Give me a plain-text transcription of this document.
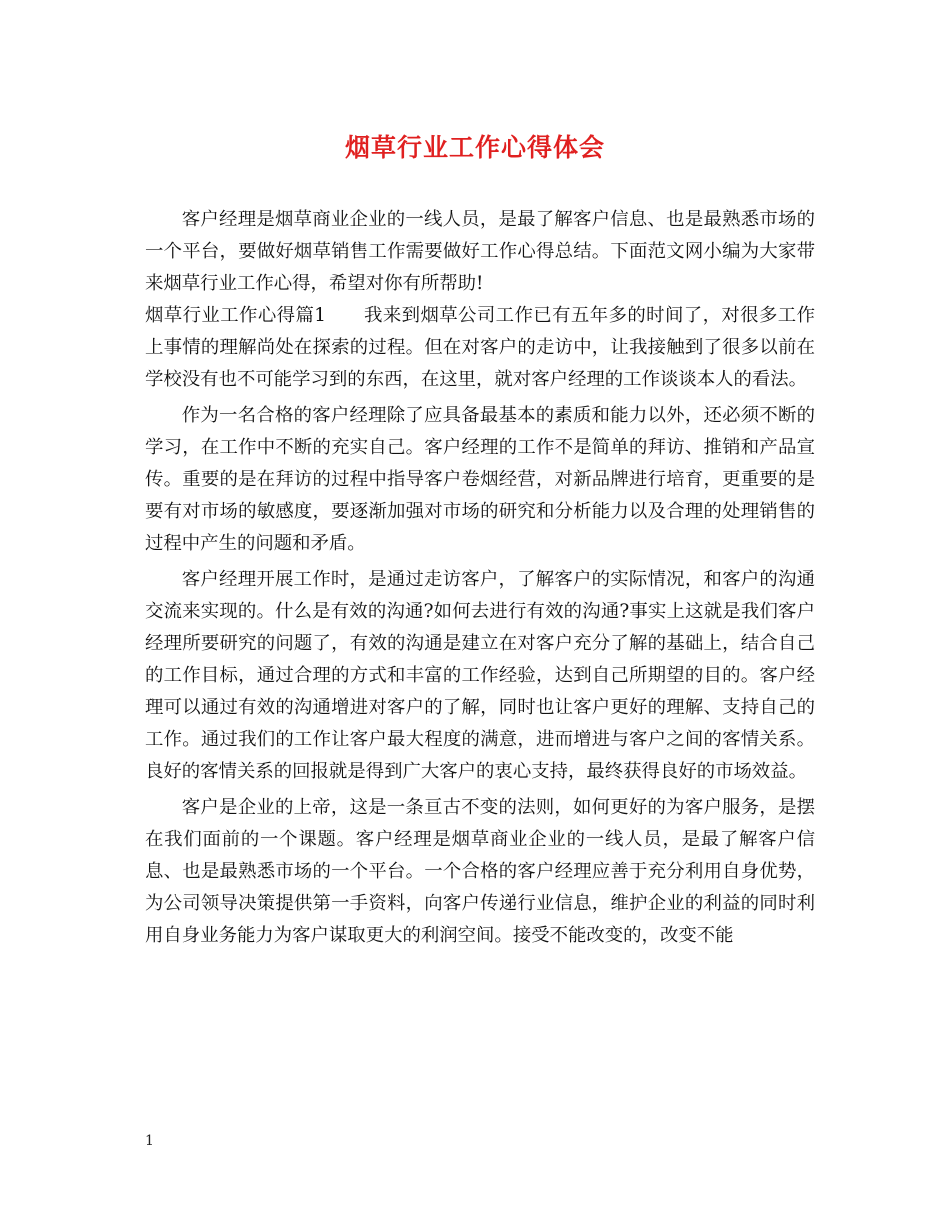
烟草行业工作心得体会

客户经理是烟草商业企业的一线人员，是最了解客户信息、也是最熟悉市场的一个平台，要做好烟草销售工作需要做好工作心得总结。下面范文网小编为大家带来烟草行业工作心得，希望对你有所帮助!

烟草行业工作心得篇1　　我来到烟草公司工作已有五年多的时间了，对很多工作上事情的理解尚处在探索的过程。但在对客户的走访中，让我接触到了很多以前在学校没有也不可能学习到的东西，在这里，就对客户经理的工作谈谈本人的看法。

作为一名合格的客户经理除了应具备最基本的素质和能力以外，还必须不断的学习，在工作中不断的充实自己。客户经理的工作不是简单的拜访、推销和产品宣传。重要的是在拜访的过程中指导客户卷烟经营，对新品牌进行培育，更重要的是要有对市场的敏感度，要逐渐加强对市场的研究和分析能力以及合理的处理销售的过程中产生的问题和矛盾。

客户经理开展工作时，是通过走访客户，了解客户的实际情况，和客户的沟通交流来实现的。什么是有效的沟通?如何去进行有效的沟通?事实上这就是我们客户经理所要研究的问题了，有效的沟通是建立在对客户充分了解的基础上，结合自己的工作目标，通过合理的方式和丰富的工作经验，达到自己所期望的目的。客户经理可以通过有效的沟通增进对客户的了解，同时也让客户更好的理解、支持自己的工作。通过我们的工作让客户最大程度的满意，进而增进与客户之间的客情关系。良好的客情关系的回报就是得到广大客户的衷心支持，最终获得良好的市场效益。

客户是企业的上帝，这是一条亘古不变的法则，如何更好的为客户服务，是摆在我们面前的一个课题。客户经理是烟草商业企业的一线人员，是最了解客户信息、也是最熟悉市场的一个平台。一个合格的客户经理应善于充分利用自身优势，为公司领导决策提供第一手资料，向客户传递行业信息，维护企业的利益的同时利用自身业务能力为客户谋取更大的利润空间。接受不能改变的，改变不能

1
